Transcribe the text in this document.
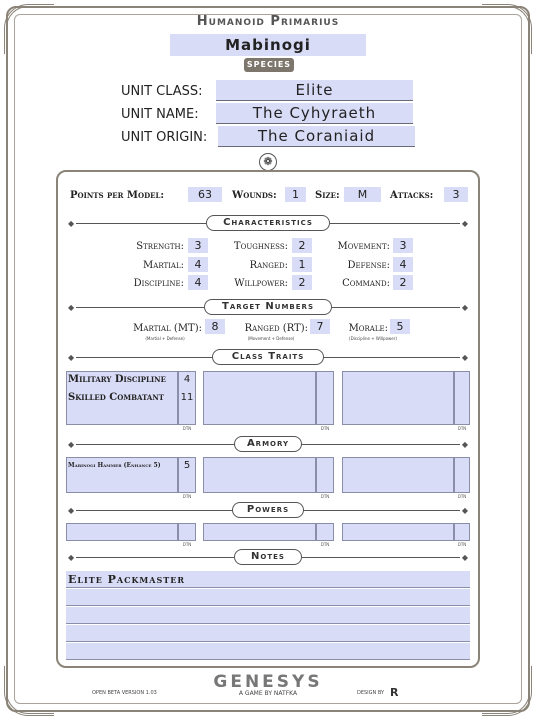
Humanoid Primarius
Mabinogi
SPECIES
UNIT CLASS:	Elite
UNIT NAME:	The Cyhyraeth
UNIT ORIGIN:	The Coraniaid
❁
Points per Model:	63	Wounds:	1	Size:	M	Attacks:	3
◆	◆
Characteristics
Strength: 3	Toughness: 2	Movement: 3
Martial: 4	Ranged: 1	Defense: 4
Discipline: 4	Willpower: 2	Command: 2
◆	◆
Target Numbers
Martial (MT): 8
(Martial + Defense)
Ranged (RT): 7
(Movement + Defense)
Morale: 5
(Discipline + Willpower)
◆	◆
Class Traits
Military Discipline	4
Skilled Combatant	11
DTN	DTN	DTN
◆	◆
Armory
Mabinogi Hammer (Enhance 5)	5
DTN	DTN	DTN
◆	◆
Powers
DTN	DTN	DTN
◆	◆
Notes
Elite Packmaster
GENESYS
A GAME BY NATFKA
OPEN BETA VERSION 1.03	DESIGN BY R
